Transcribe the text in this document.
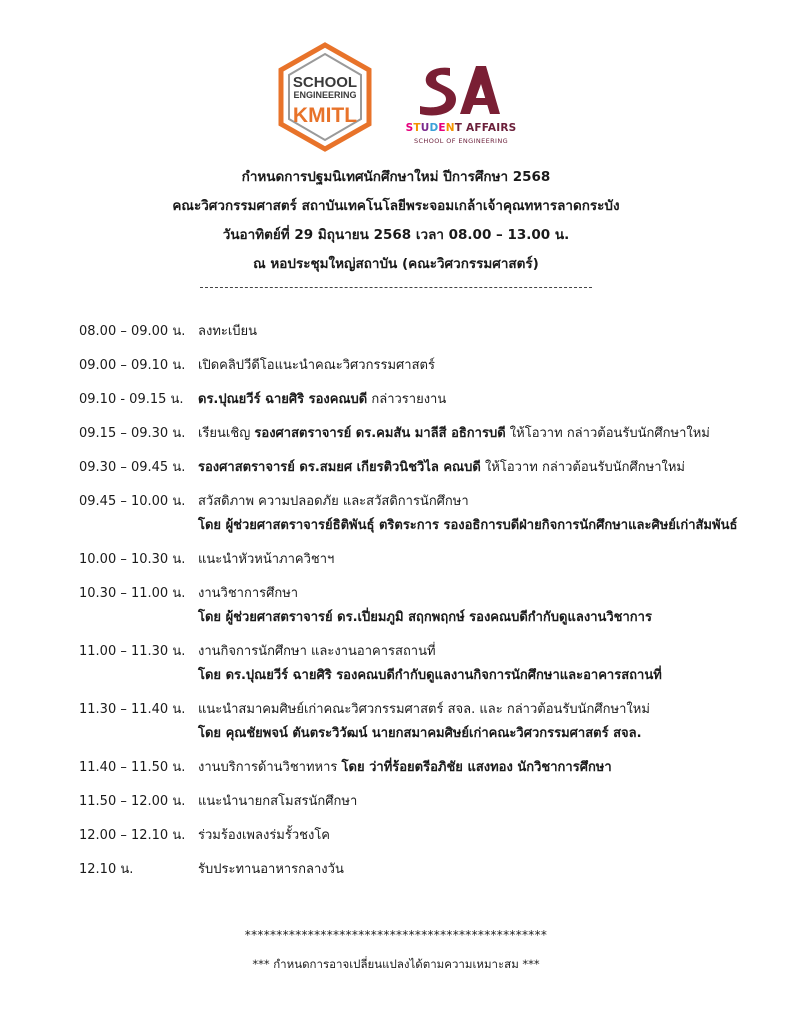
SCHOOL
ENGINEERING
KMITL
STUDENT AFFAIRS
SCHOOL OF ENGINEERING
กำหนดการปฐมนิเทศนักศึกษาใหม่ ปีการศึกษา 2568
คณะวิศวกรรมศาสตร์ สถาบันเทคโนโลยีพระจอมเกล้าเจ้าคุณทหารลาดกระบัง
วันอาทิตย์ที่ 29 มิถุนายน 2568 เวลา 08.00 – 13.00 น.
ณ หอประชุมใหญ่สถาบัน (คณะวิศวกรรมศาสตร์)
08.00 – 09.00 น. ลงทะเบียน
09.00 – 09.10 น. เปิดคลิปวีดีโอแนะนำคณะวิศวกรรมศาสตร์
09.10 - 09.15 น. ดร.ปุณยวีร์ ฉายศิริ รองคณบดี กล่าวรายงาน
09.15 – 09.30 น. เรียนเชิญ รองศาสตราจารย์ ดร.คมสัน มาลีสี อธิการบดี ให้โอวาท กล่าวต้อนรับนักศึกษาใหม่
09.30 – 09.45 น. รองศาสตราจารย์ ดร.สมยศ เกียรติวนิชวิไล คณบดี ให้โอวาท กล่าวต้อนรับนักศึกษาใหม่
09.45 – 10.00 น. สวัสดิภาพ ความปลอดภัย และสวัสดิการนักศึกษา
โดย ผู้ช่วยศาสตราจารย์ธิติพันธุ์ ตริตระการ รองอธิการบดีฝ่ายกิจการนักศึกษาและศิษย์เก่าสัมพันธ์
10.00 – 10.30 น. แนะนำหัวหน้าภาควิชาฯ
10.30 – 11.00 น. งานวิชาการศึกษา
โดย ผู้ช่วยศาสตราจารย์ ดร.เปี่ยมภูมิ สฤกพฤกษ์ รองคณบดีกำกับดูแลงานวิชาการ
11.00 – 11.30 น. งานกิจการนักศึกษา และงานอาคารสถานที่
โดย ดร.ปุณยวีร์ ฉายศิริ รองคณบดีกำกับดูแลงานกิจการนักศึกษาและอาคารสถานที่
11.30 – 11.40 น. แนะนำสมาคมศิษย์เก่าคณะวิศวกรรมศาสตร์ สจล. และ กล่าวต้อนรับนักศึกษาใหม่
โดย คุณชัยพจน์ ตันตระวิวัฒน์ นายกสมาคมศิษย์เก่าคณะวิศวกรรมศาสตร์ สจล.
11.40 – 11.50 น. งานบริการด้านวิชาทหาร โดย ว่าที่ร้อยตรีอภิชัย แสงทอง นักวิชาการศึกษา
11.50 – 12.00 น. แนะนำนายกสโมสรนักศึกษา
12.00 – 12.10 น. ร่วมร้องเพลงร่มรั้วชงโค
12.10 น.	รับประทานอาหารกลางวัน
************************************************
*** กำหนดการอาจเปลี่ยนแปลงได้ตามความเหมาะสม ***
